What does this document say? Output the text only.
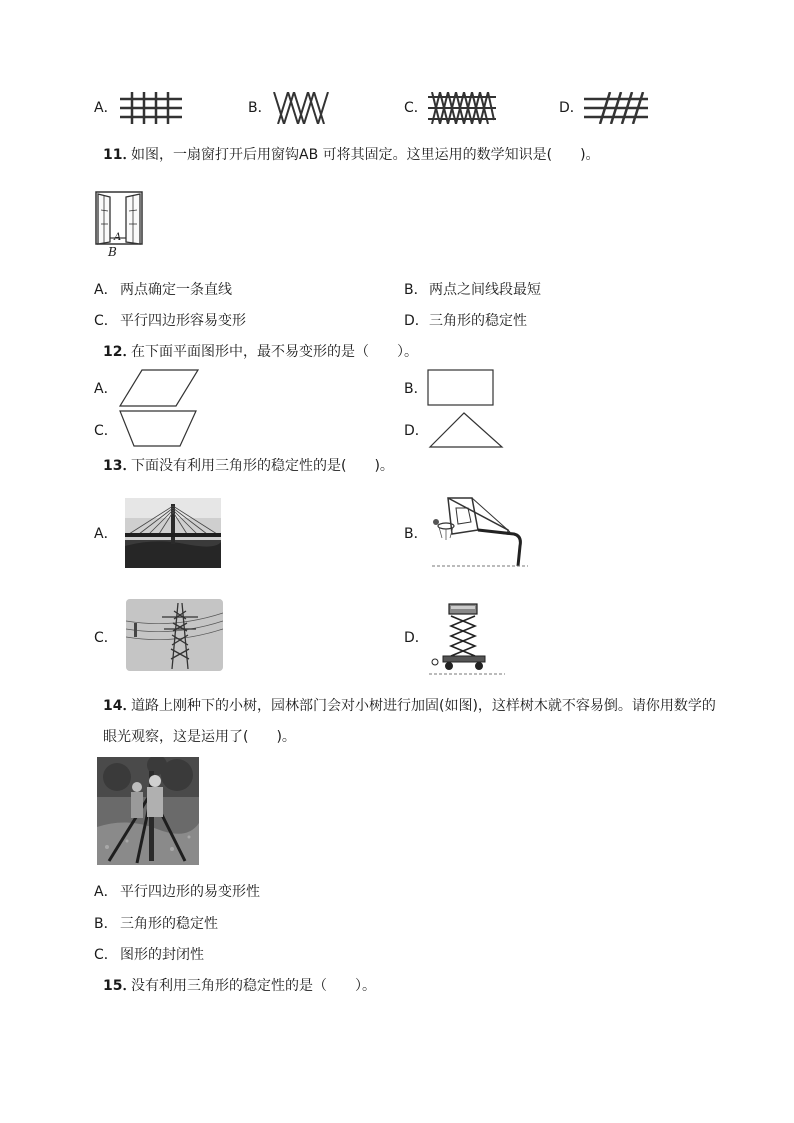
A．	B．	C．	D．
11．
如图，一扇窗打开后用窗钩AB 可将其固定。这里运用的数学知识是(　　)。
A
B
A． 两点确定一条直线	B． 两点之间线段最短
C． 平行四边形容易变形	D． 三角形的稳定性
12．
在下面平面图形中，最不易变形的是（　　）。
A．	B．
C．	D．
13．
下面没有利用三角形的稳定性的是(　　)。
A．	B．
C．	D．
14．
道路上刚种下的小树，园林部门会对小树进行加固(如图)，这样树木就不容易倒。请你用数学的
眼光观察，这是运用了(　　)。
A． 平行四边形的易变形性
B． 三角形的稳定性
C． 图形的封闭性
15．
没有利用三角形的稳定性的是（　　）。
